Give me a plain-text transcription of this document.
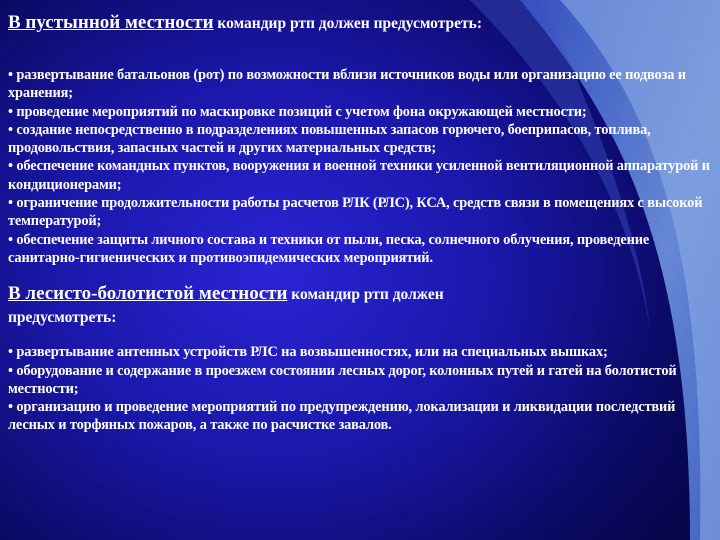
В пустынной местности командир ртп должен предусмотреть:

• развертывание батальонов (рот) по возможности вблизи источников воды или организацию ее подвоза и хранения;

• проведение мероприятий по маскировке позиций с учетом фона окружающей местности;

• создание непосредственно в подразделениях повышенных запасов горючего, боеприпасов, топлива, продовольствия, запасных частей и других материальных средств;

• обеспечение командных пунктов, вооружения и военной техники усиленной вентиляционной аппаратурой и кондиционерами;

• ограничение продолжительности работы расчетов РЛК (РЛС), КСА, средств связи в помещениях с высокой температурой;

• обеспечение защиты личного состава и техники от пыли, песка, солнечного облучения, проведение санитарно-гигиенических и противоэпидемических мероприятий.

В лесисто-болотистой местности командир ртп должен

предусмотреть:

• развертывание антенных устройств РЛС на возвышенностях, или на специальных вышках;

• оборудование и содержание в проезжем состоянии лесных дорог, колонных путей и гатей на болотистой местности;

• организацию и проведение мероприятий по предупреждению, локализации и ликвидации последствий лесных и торфяных пожаров, а также по расчистке завалов.
